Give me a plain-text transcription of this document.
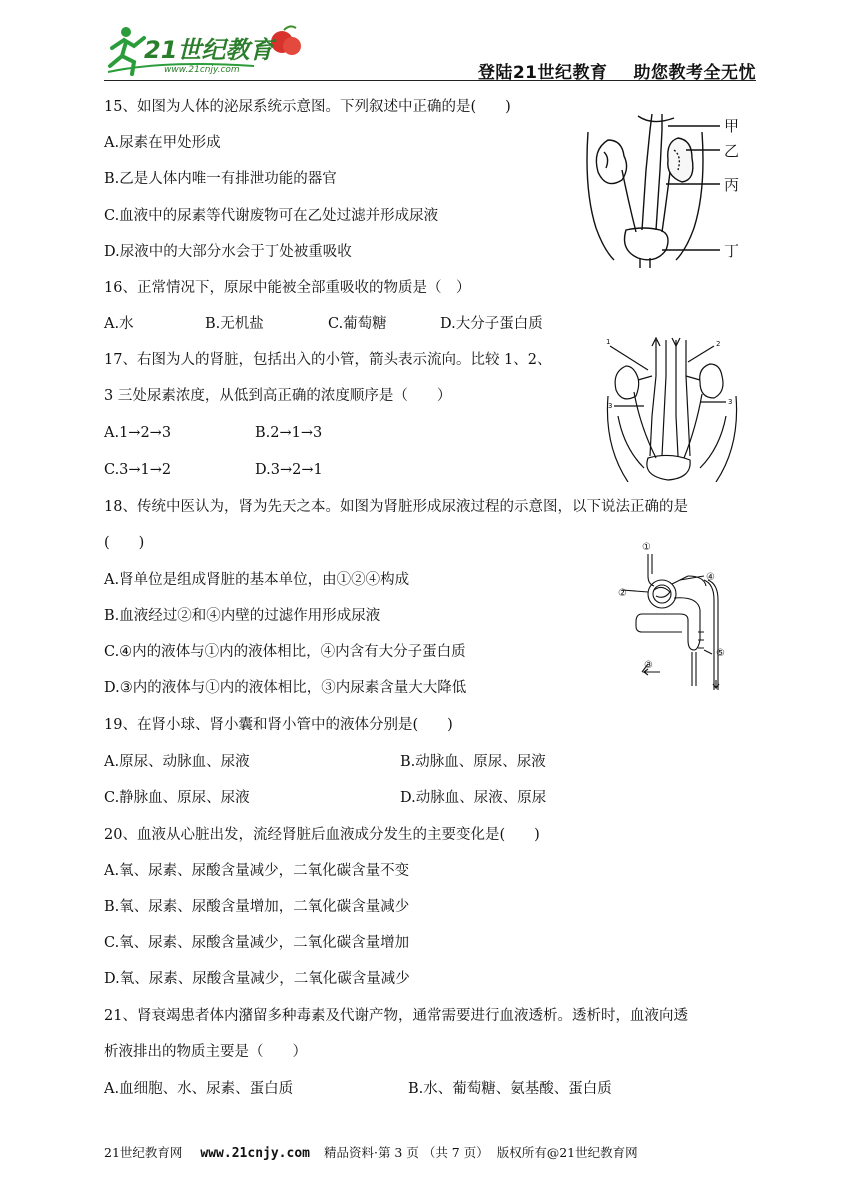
21世纪教育
www.21cnjy.com	登陆21世纪教育 助您教考全无忧
15、如图为人体的泌尿系统示意图。下列叙述中正确的是(　　)
A.尿素在甲处形成
B.乙是人体内唯一有排泄功能的器官
C.血液中的尿素等代谢废物可在乙处过滤并形成尿液
D.尿液中的大部分水会于丁处被重吸收
甲
乙
丙
丁
16、正常情况下，原尿中能被全部重吸收的物质是（　）
A.水	B.无机盐	C.葡萄糖	D.大分子蛋白质
17、右图为人的肾脏，包括出入的小管，箭头表示流向。比较 1、2、
3 三处尿素浓度，从低到高正确的浓度顺序是（　　）
A.1→2→3	B.2→1→3
C.3→1→2	D.3→2→1
1	2
3	3
18、传统中医认为，肾为先天之本。如图为肾脏形成尿液过程的示意图，以下说法正确的是
(　　)
A.肾单位是组成肾脏的基本单位，由①②④构成
B.血液经过②和④内壁的过滤作用形成尿液
C.④内的液体与①内的液体相比，④内含有大分子蛋白质
D.③内的液体与①内的液体相比，③内尿素含量大大降低
①
②
③
④
⑤
19、在肾小球、肾小囊和肾小管中的液体分别是(　　)
A.原尿、动脉血、尿液	B.动脉血、原尿、尿液
C.静脉血、原尿、尿液	D.动脉血、尿液、原尿
20、血液从心脏出发，流经肾脏后血液成分发生的主要变化是(　　)
A.氧、尿素、尿酸含量减少，二氧化碳含量不变
B.氧、尿素、尿酸含量增加，二氧化碳含量减少
C.氧、尿素、尿酸含量减少，二氧化碳含量增加
D.氧、尿素、尿酸含量减少，二氧化碳含量减少
21、肾衰竭患者体内潴留多种毒素及代谢产物，通常需要进行血液透析。透析时，血液向透
析液排出的物质主要是（　　）
A.血细胞、水、尿素、蛋白质	B.水、葡萄糖、氨基酸、蛋白质
21世纪教育网 www.21cnjy.com 精品资料·第 3 页 （共 7 页） 版权所有@21世纪教育网
